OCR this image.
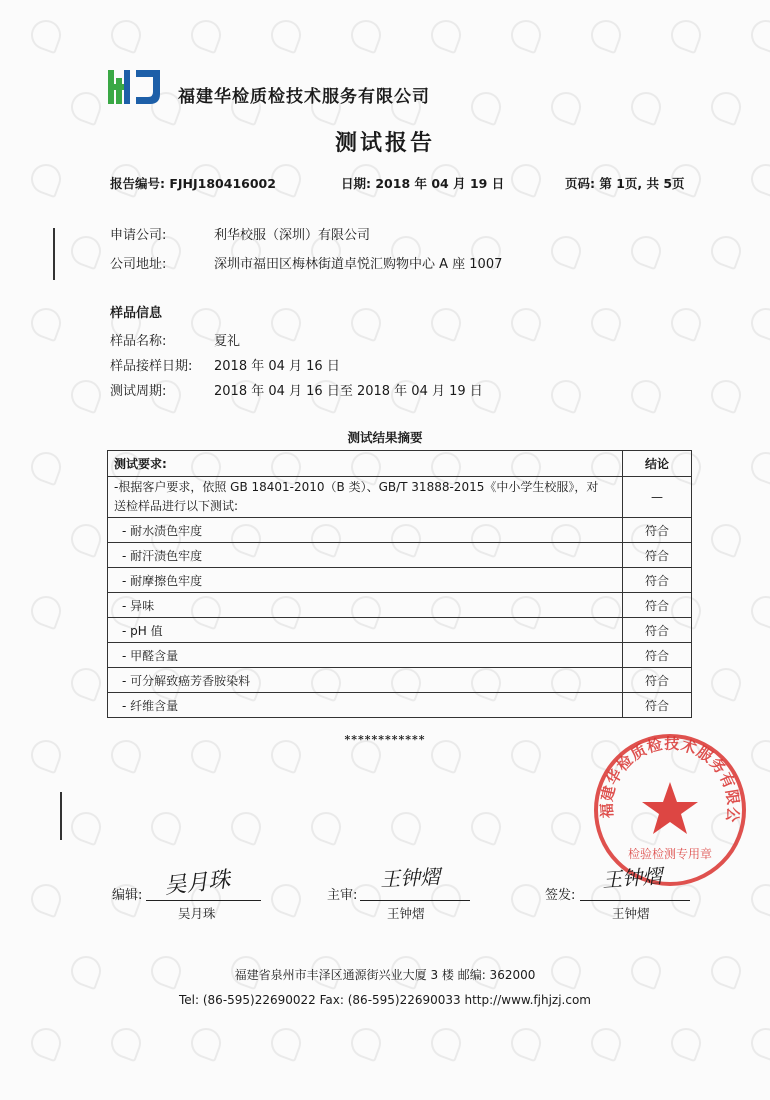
福建华检质检技术服务有限公司
测试报告
报告编号: FJHJ180416002	日期: 2018 年 04 月 19 日	页码: 第 1页, 共 5页
申请公司:	利华校服（深圳）有限公司
公司地址:	深圳市福田区梅林街道卓悦汇购物中心 A 座 1007
样品信息
样品名称:	夏礼
样品接样日期: 2018 年 04 月 16 日
测试周期:	2018 年 04 月 16 日至 2018 年 04 月 19 日
测试结果摘要
测试要求:	结论

-根据客户要求，依照 GB 18401-2010（B 类）、GB/T 31888-2015《中小学生校服》，对
送检样品进行以下测试:	—
- 耐水渍色牢度	符合
- 耐汗渍色牢度	符合
- 耐摩擦色牢度	符合
- 异味	符合
- pH 值	符合
- 甲醛含量	符合
- 可分解致癌芳香胺染料	符合
- 纤维含量	符合
************
福建华检质检技术服务有限公
检验检测专用章
编辑: 吴月珠
吴月珠
主审:
王钟熠
王钟熠
签发:
王钟熠
王钟熠
福建省泉州市丰泽区通源街兴业大厦 3 楼 邮编: 362000
Tel: (86-595)22690022 Fax: (86-595)22690033 http://www.fjhjzj.com
